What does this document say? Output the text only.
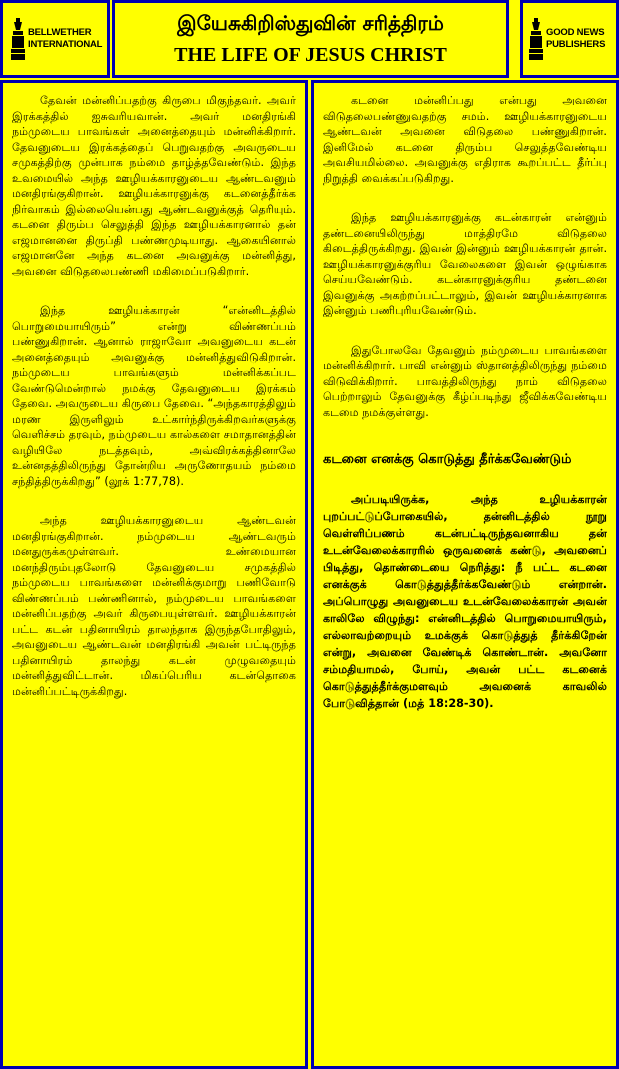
BELLWETHER
INTERNATIONAL
இயேசுகிறிஸ்துவின் சரித்திரம்
THE LIFE OF JESUS CHRIST
GOOD NEWS
PUBLISHERS

தேவன் மன்னிப்பதற்கு கிருபை மிகுந்தவர். அவர் இரக்கத்தில் ஐசுவரியவான். அவர் மனதிரங்கி நம்முடைய பாவங்கள் அனைத்தையும் மன்னிக்கிறார். தேவனுடைய இரக்கத்தைப் பெறுவதற்கு அவருடைய சமுகத்திற்கு முன்பாக நம்மை தாழ்த்தவேண்டும். இந்த உவமையில் அந்த ஊழியக்காரனுடைய ஆண்டவனும் மனதிரங்குகிறான். ஊழியக்காரனுக்கு கடனைத்தீர்க்க நிர்வாகம் இல்லையென்பது ஆண்டவனுக்குத் தெரியும். கடனை திரும்ப செலுத்தி இந்த ஊழியக்காரனால் தன் எஜமானனை திருப்தி பண்ணமுடியாது. ஆகையினால் எஜமானனே அந்த கடனை அவனுக்கு மன்னித்து, அவனை விடுதலைபண்ணி மகிமைப்படுகிறார்.

இந்த ஊழியக்காரன் “என்னிடத்தில் பொறுமையாயிரும்” என்று விண்ணப்பம் பண்ணுகிறான். ஆனால் ராஜாவோ அவனுடைய கடன் அனைத்தையும் அவனுக்கு மன்னித்துவிடுகிறான். நம்முடைய பாவங்களும் மன்னிக்கப்பட வேண்டுமென்றால் நமக்கு தேவனுடைய இரக்கம் தேவை. அவருடைய கிருபை தேவை. “அந்தகாரத்திலும் மரண இருளிலும் உட்கார்ந்திருக்கிறவர்களுக்கு வெளிச்சம் தரவும், நம்முடைய கால்களை சமாதானத்தின் வழியிலே நடத்தவும், அவ்விரக்கத்தினாலே உன்னதத்திலிருந்து தோன்றிய அருணோதயம் நம்மை சந்தித்திருக்கிறது” (லூக் 1:77,78).

அந்த ஊழியக்காரனுடைய ஆண்டவன் மனதிரங்குகிறான். நம்முடைய ஆண்டவரும் மனதுருக்கமுள்ளவர். உண்மையான மனந்திரும்புதலோடு தேவனுடைய சமுகத்தில் நம்முடைய பாவங்களை மன்னிக்குமாறு பணிவோடு விண்ணப்பம் பண்ணினால், நம்முடைய பாவங்களை மன்னிப்பதற்கு அவர் கிருபையுள்ளவர். ஊழியக்காரன் பட்ட கடன் பதினாயிரம் தாலந்தாக இருந்தபோதிலும், அவனுடைய ஆண்டவன் மனதிரங்கி அவன் பட்டிருந்த பதினாயிரம் தாலந்து கடன் முழுவதையும் மன்னித்துவிட்டான். மிகப்பெரிய கடன்தொகை மன்னிப்பட்டிருக்கிறது.

கடனை மன்னிப்பது என்பது அவனை விடுதலைபண்ணுவதற்கு சமம். ஊழியக்காரனுடைய ஆண்டவன் அவனை விடுதலை பண்ணுகிறான். இனிமேல் கடனை திரும்ப செலுத்தவேண்டிய அவசியமில்லை. அவனுக்கு எதிராக கூறப்பட்ட தீர்ப்பு நிறுத்தி வைக்கப்படுகிறது.

இந்த ஊழியக்காரனுக்கு கடன்காரன் என்னும் தண்டனையிலிருந்து மாத்திரமே விடுதலை கிடைத்திருக்கிறது. இவன் இன்னும் ஊழியக்காரன் தான். ஊழியக்காரனுக்குரிய வேலைகளை இவன் ஒழுங்காக செய்யவேண்டும். கடன்காரனுக்குரிய தண்டனை இவனுக்கு அகற்றப்பட்டாலும், இவன் ஊழியக்காரனாக இன்னும் பணிபுரியவேண்டும்.

இதுபோலவே தேவனும் நம்முடைய பாவங்களை மன்னிக்கிறார். பாவி என்னும் ஸ்தானத்திலிருந்து நம்மை விடுவிக்கிறார். பாவத்திலிருந்து நாம் விடுதலை பெற்றாலும் தேவனுக்கு கீழ்ப்படிந்து ஜீவிக்கவேண்டிய கடமை நமக்குள்ளது.

கடனை எனக்கு கொடுத்து தீர்க்கவேண்டும்

அப்படியிருக்க, அந்த உழியக்காரன் புறப்பட்டுப்போகையில், தன்னிடத்தில் நூறு வெள்ளிப்பணம் கடன்பட்டிருந்தவனாகிய தன் உடன்வேலைக்காரரில் ஒருவனைக் கண்டு, அவனைப் பிடித்து, தொண்டையை நெரித்து: நீ பட்ட கடனை எனக்குக் கொடுத்துத்தீர்க்கவேண்டும் என்றான். அப்பொழுது அவனுடைய உடன்வேலைக்காரன் அவன் காலிலே விழுந்து: என்னிடத்தில் பொறுமையாயிரும், எல்லாவற்றையும் உமக்குக் கொடுத்துத் தீர்க்கிறேன் என்று, அவனை வேண்டிக் கொண்டான். அவனோ சம்மதியாமல், போய், அவன் பட்ட கடனைக் கொடுத்துத்தீர்க்குமளவும் அவனைக் காவலில் போடுவித்தான் (மத் 18:28-30).
